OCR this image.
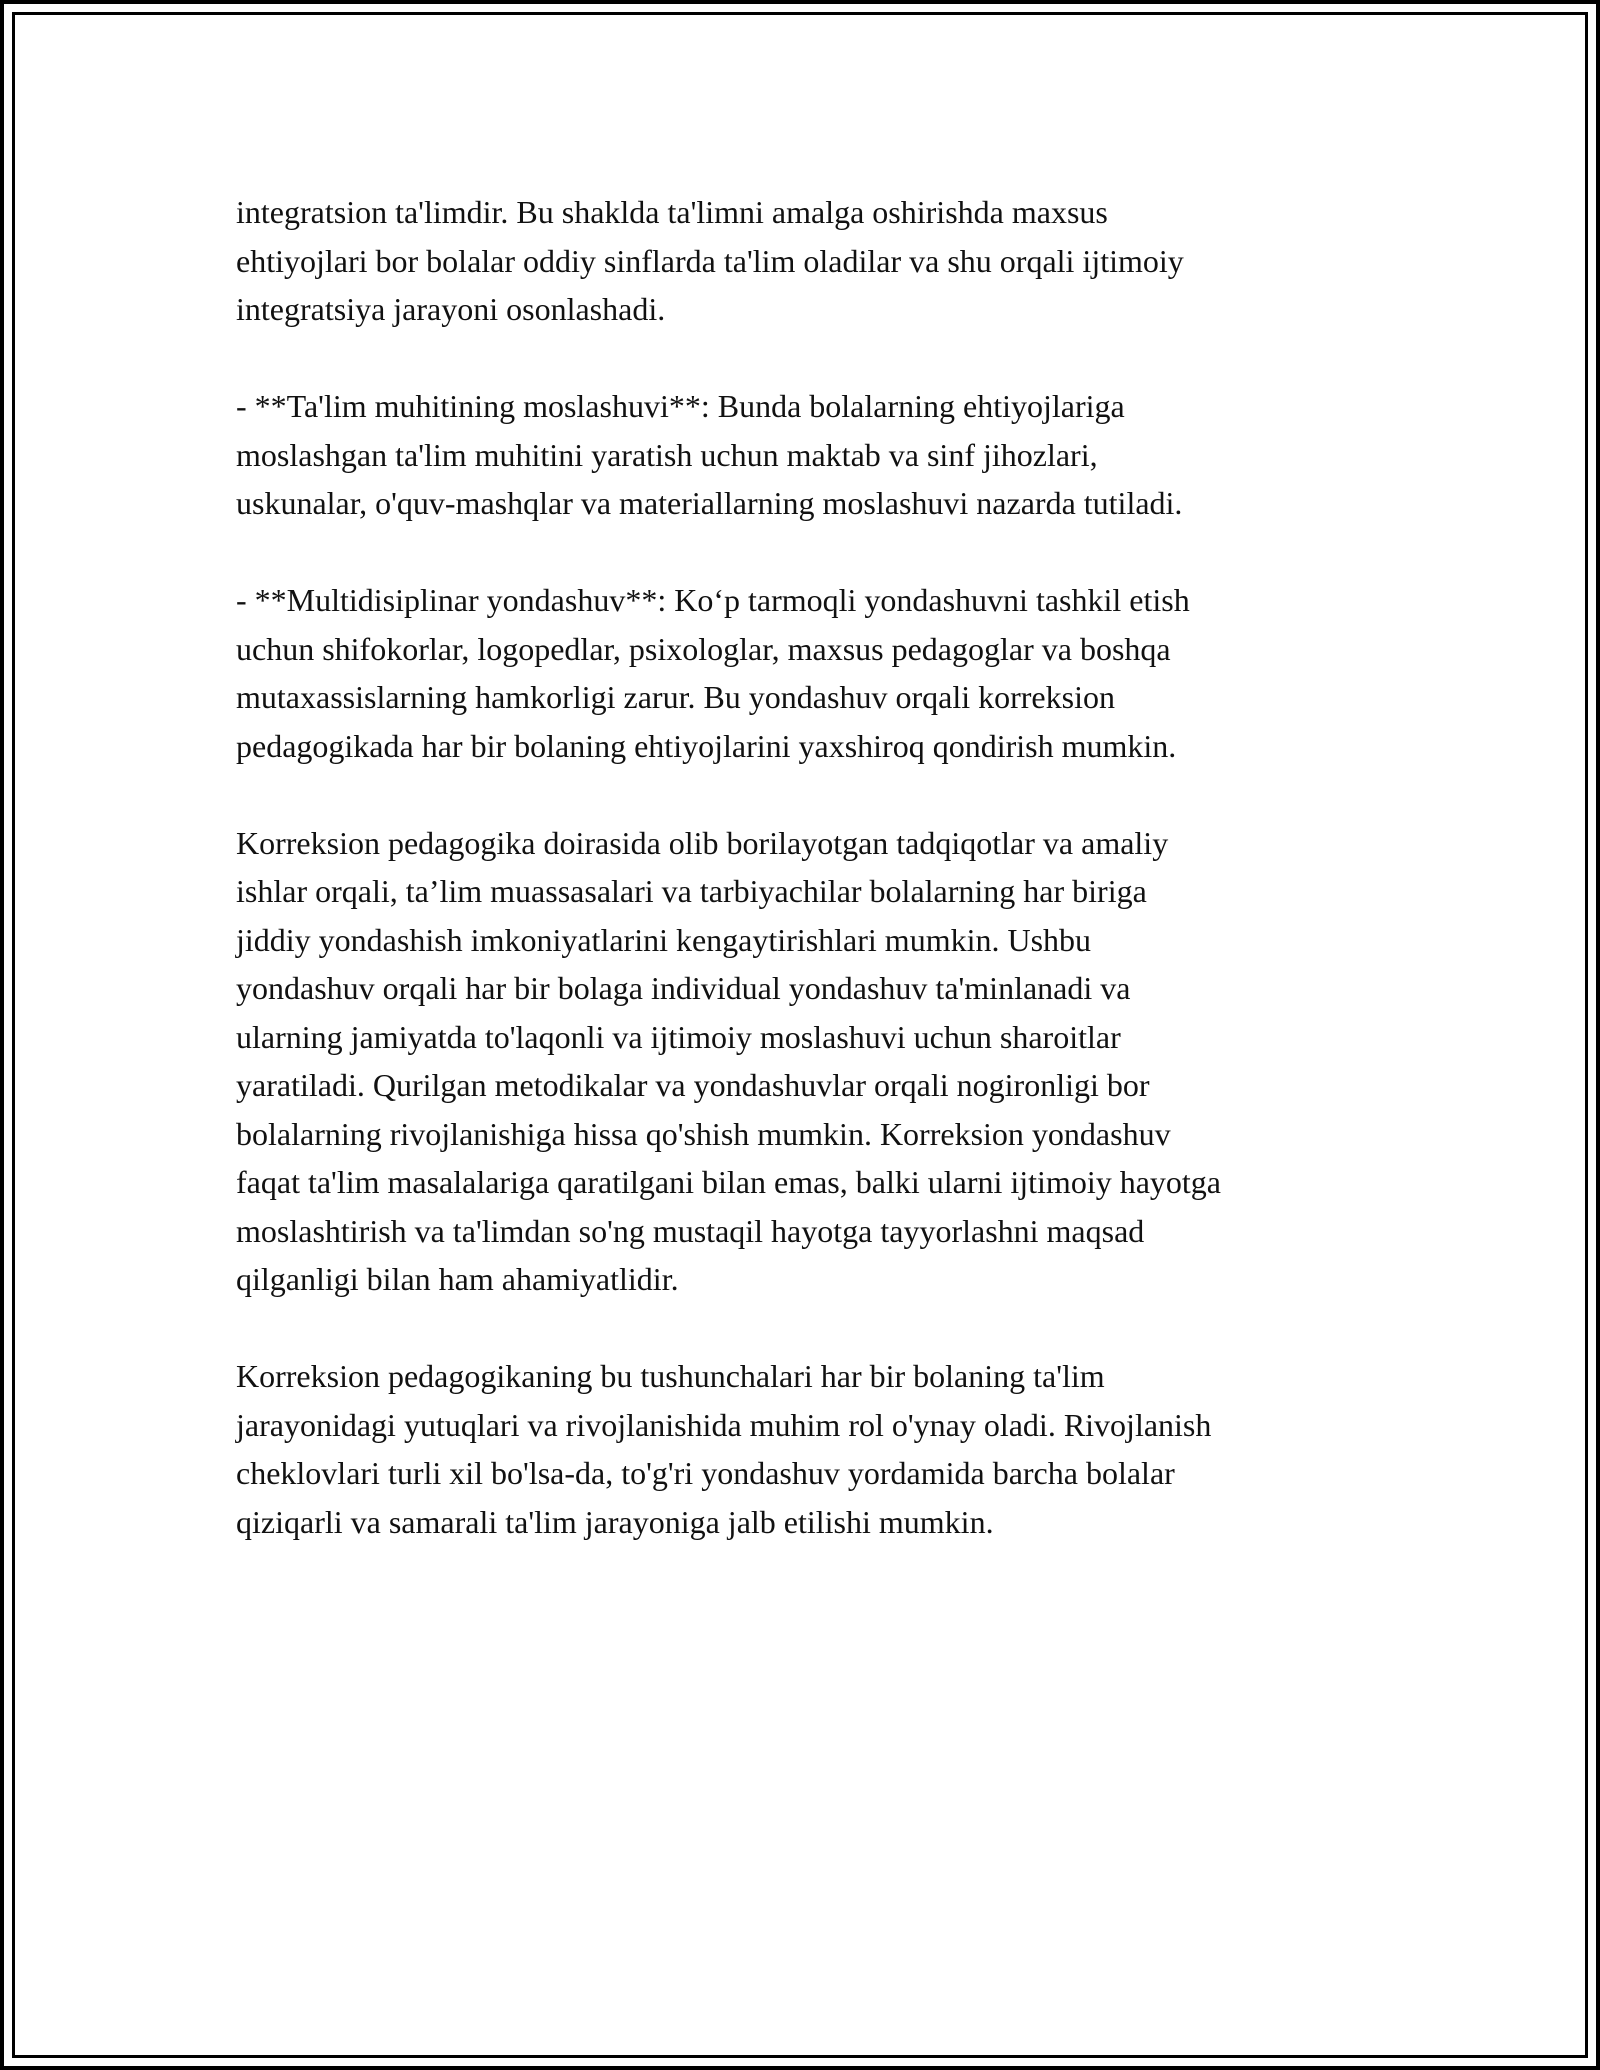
integratsion ta'limdir. Bu shaklda ta'limni amalga oshirishda maxsus
ehtiyojlari bor bolalar oddiy sinflarda ta'lim oladilar va shu orqali ijtimoiy
integratsiya jarayoni osonlashadi.

- **Ta'lim muhitining moslashuvi**: Bunda bolalarning ehtiyojlariga
moslashgan ta'lim muhitini yaratish uchun maktab va sinf jihozlari,
uskunalar, o'quv-mashqlar va materiallarning moslashuvi nazarda tutiladi.

- **Multidisiplinar yondashuv**: Ko‘p tarmoqli yondashuvni tashkil etish
uchun shifokorlar, logopedlar, psixologlar, maxsus pedagoglar va boshqa
mutaxassislarning hamkorligi zarur. Bu yondashuv orqali korreksion
pedagogikada har bir bolaning ehtiyojlarini yaxshiroq qondirish mumkin.

Korreksion pedagogika doirasida olib borilayotgan tadqiqotlar va amaliy
ishlar orqali, ta’lim muassasalari va tarbiyachilar bolalarning har biriga
jiddiy yondashish imkoniyatlarini kengaytirishlari mumkin. Ushbu
yondashuv orqali har bir bolaga individual yondashuv ta'minlanadi va
ularning jamiyatda to'laqonli va ijtimoiy moslashuvi uchun sharoitlar
yaratiladi. Qurilgan metodikalar va yondashuvlar orqali nogironligi bor
bolalarning rivojlanishiga hissa qo'shish mumkin. Korreksion yondashuv
faqat ta'lim masalalariga qaratilgani bilan emas, balki ularni ijtimoiy hayotga
moslashtirish va ta'limdan so'ng mustaqil hayotga tayyorlashni maqsad
qilganligi bilan ham ahamiyatlidir.

Korreksion pedagogikaning bu tushunchalari har bir bolaning ta'lim
jarayonidagi yutuqlari va rivojlanishida muhim rol o'ynay oladi. Rivojlanish
cheklovlari turli xil bo'lsa-da, to'g'ri yondashuv yordamida barcha bolalar
qiziqarli va samarali ta'lim jarayoniga jalb etilishi mumkin.
